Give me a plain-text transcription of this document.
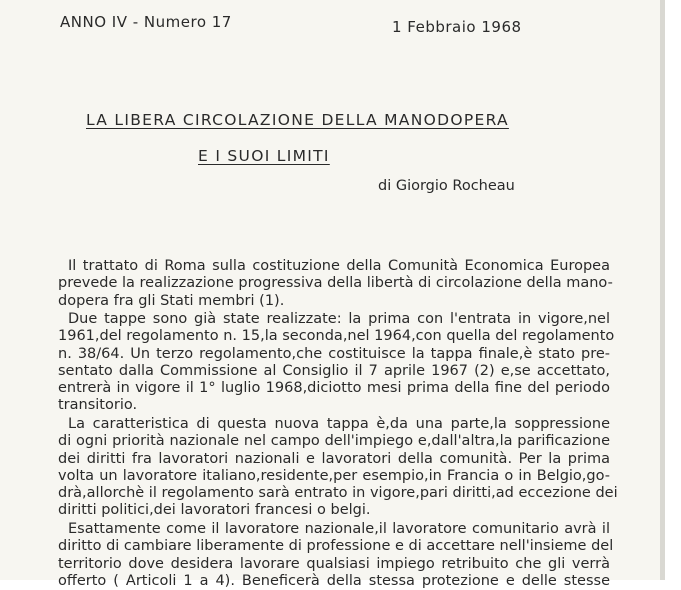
ANNO IV - Numero 17	1 Febbraio 1968
LA LIBERA CIRCOLAZIONE DELLA MANODOPERA
E I SUOI LIMITI
di Giorgio Rocheau
Il trattato di Roma sulla costituzione della Comunità Economica Europea
prevede la realizzazione progressiva della libertà di circolazione della mano-
dopera fra gli Stati membri (1).
Due tappe sono già state realizzate: la prima con l'entrata in vigore,nel
1961,del regolamento n. 15,la seconda,nel 1964,con quella del regolamento
n. 38/64. Un terzo regolamento,che costituisce la tappa finale,è stato pre-
sentato dalla Commissione al Consiglio il 7 aprile 1967 (2) e,se accettato,
entrerà in vigore il 1° luglio 1968,diciotto mesi prima della fine del periodo
transitorio.
La caratteristica di questa nuova tappa è,da una parte,la soppressione
di ogni priorità nazionale nel campo dell'impiego e,dall'altra,la parificazione
dei diritti fra lavoratori nazionali e lavoratori della comunità. Per la prima
volta un lavoratore italiano,residente,per esempio,in Francia o in Belgio,go-
drà,allorchè il regolamento sarà entrato in vigore,pari diritti,ad eccezione dei
diritti politici,dei lavoratori francesi o belgi.
Esattamente come il lavoratore nazionale,il lavoratore comunitario avrà il
diritto di cambiare liberamente di professione e di accettare nell'insieme del
territorio dove desidera lavorare qualsiasi impiego retribuito che gli verrà
offerto ( Articoli 1 a 4). Beneficerà della stessa protezione e delle stesse
